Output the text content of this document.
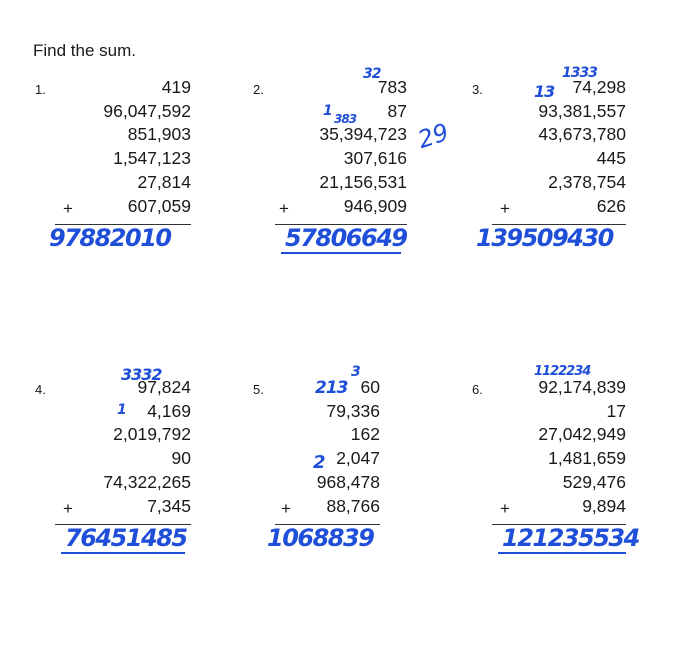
Find the sum.
1.	419
96,047,592
851,903
1,547,123
27,814
607,059
+
97882010
2.	783
87
35,394,723
307,616
21,156,531
946,909
+
32
1 383
57806649
29
3.	74,298
93,381,557
43,673,780
445
2,378,754
626
+
1333
13
139509430
4.	97,824
4,169
2,019,792
90
74,322,265
7,345
+
3332
1
76451485
5.	60
79,336
162
2,047
968,478
88,766
+
3
213
2
1068839
6.	92,174,839
17
27,042,949
1,481,659
529,476
9,894
+
1122234
121235534
